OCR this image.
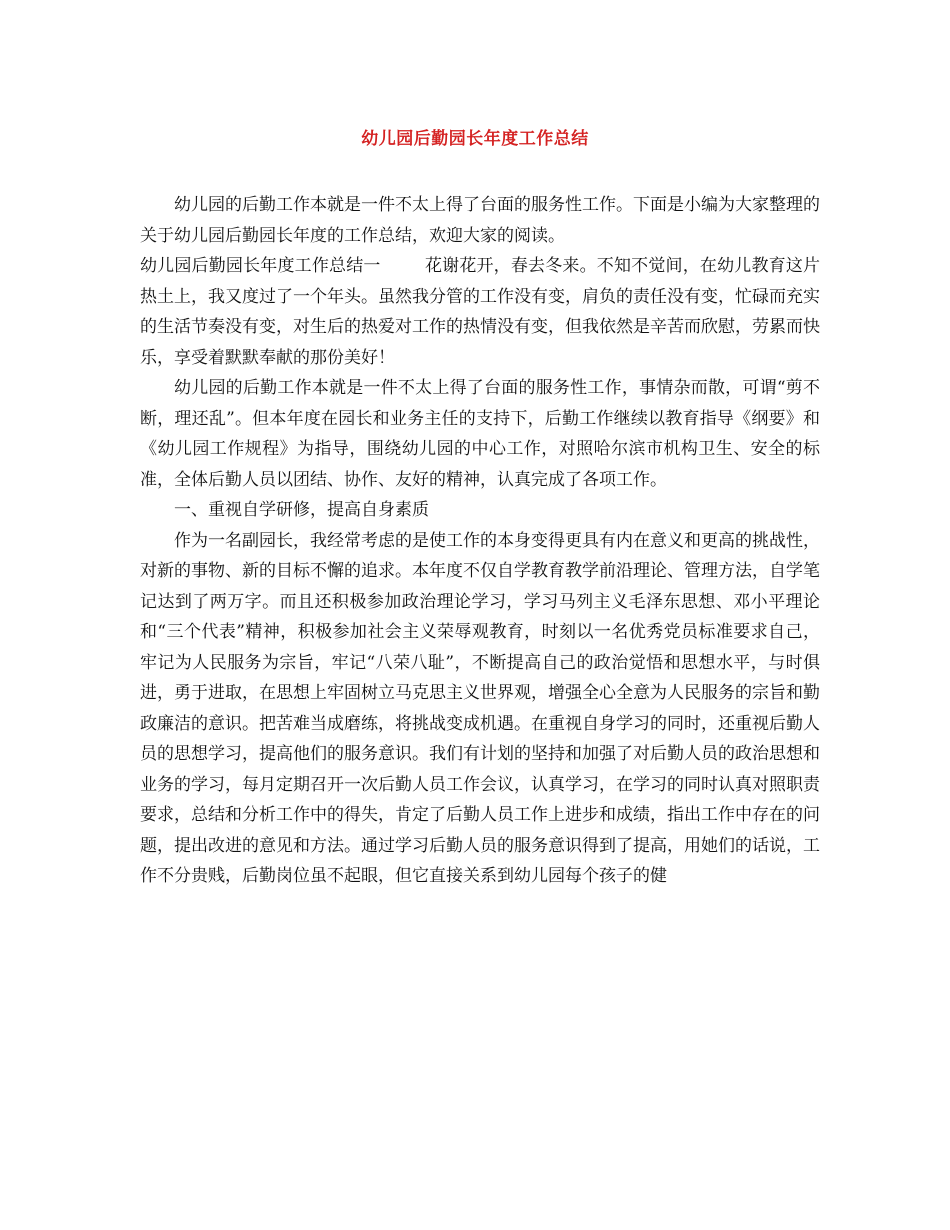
幼儿园后勤园长年度工作总结

幼儿园的后勤工作本就是一件不太上得了台面的服务性工作。下面是小编为大家整理的关于幼儿园后勤园长年度的工作总结，欢迎大家的阅读。

幼儿园后勤园长年度工作总结一	花谢花开，春去冬来。不知不觉间，在幼儿教育这片热土上，我又度过了一个年头。虽然我分管的工作没有变，肩负的责任没有变，忙碌而充实的生活节奏没有变，对生后的热爱对工作的热情没有变，但我依然是辛苦而欣慰，劳累而快乐，享受着默默奉献的那份美好！

幼儿园的后勤工作本就是一件不太上得了台面的服务性工作，事情杂而散，可谓“剪不断，理还乱”。但本年度在园长和业务主任的支持下，后勤工作继续以教育指导《纲要》和《幼儿园工作规程》为指导，围绕幼儿园的中心工作，对照哈尔滨市机构卫生、安全的标准，全体后勤人员以团结、协作、友好的精神，认真完成了各项工作。

一、重视自学研修，提高自身素质

作为一名副园长，我经常考虑的是使工作的本身变得更具有内在意义和更高的挑战性，对新的事物、新的目标不懈的追求。本年度不仅自学教育教学前沿理论、管理方法，自学笔记达到了两万字。而且还积极参加政治理论学习，学习马列主义毛泽东思想、邓小平理论和“三个代表”精神，积极参加社会主义荣辱观教育，时刻以一名优秀党员标准要求自己，牢记为人民服务为宗旨，牢记“八荣八耻”，不断提高自己的政治觉悟和思想水平，与时俱进，勇于进取，在思想上牢固树立马克思主义世界观，增强全心全意为人民服务的宗旨和勤政廉洁的意识。把苦难当成磨练，将挑战变成机遇。在重视自身学习的同时，还重视后勤人员的思想学习，提高他们的服务意识。我们有计划的坚持和加强了对后勤人员的政治思想和业务的学习，每月定期召开一次后勤人员工作会议，认真学习，在学习的同时认真对照职责要求，总结和分析工作中的得失，肯定了后勤人员工作上进步和成绩，指出工作中存在的问题，提出改进的意见和方法。通过学习后勤人员的服务意识得到了提高，用她们的话说，工作不分贵贱，后勤岗位虽不起眼，但它直接关系到幼儿园每个孩子的健
